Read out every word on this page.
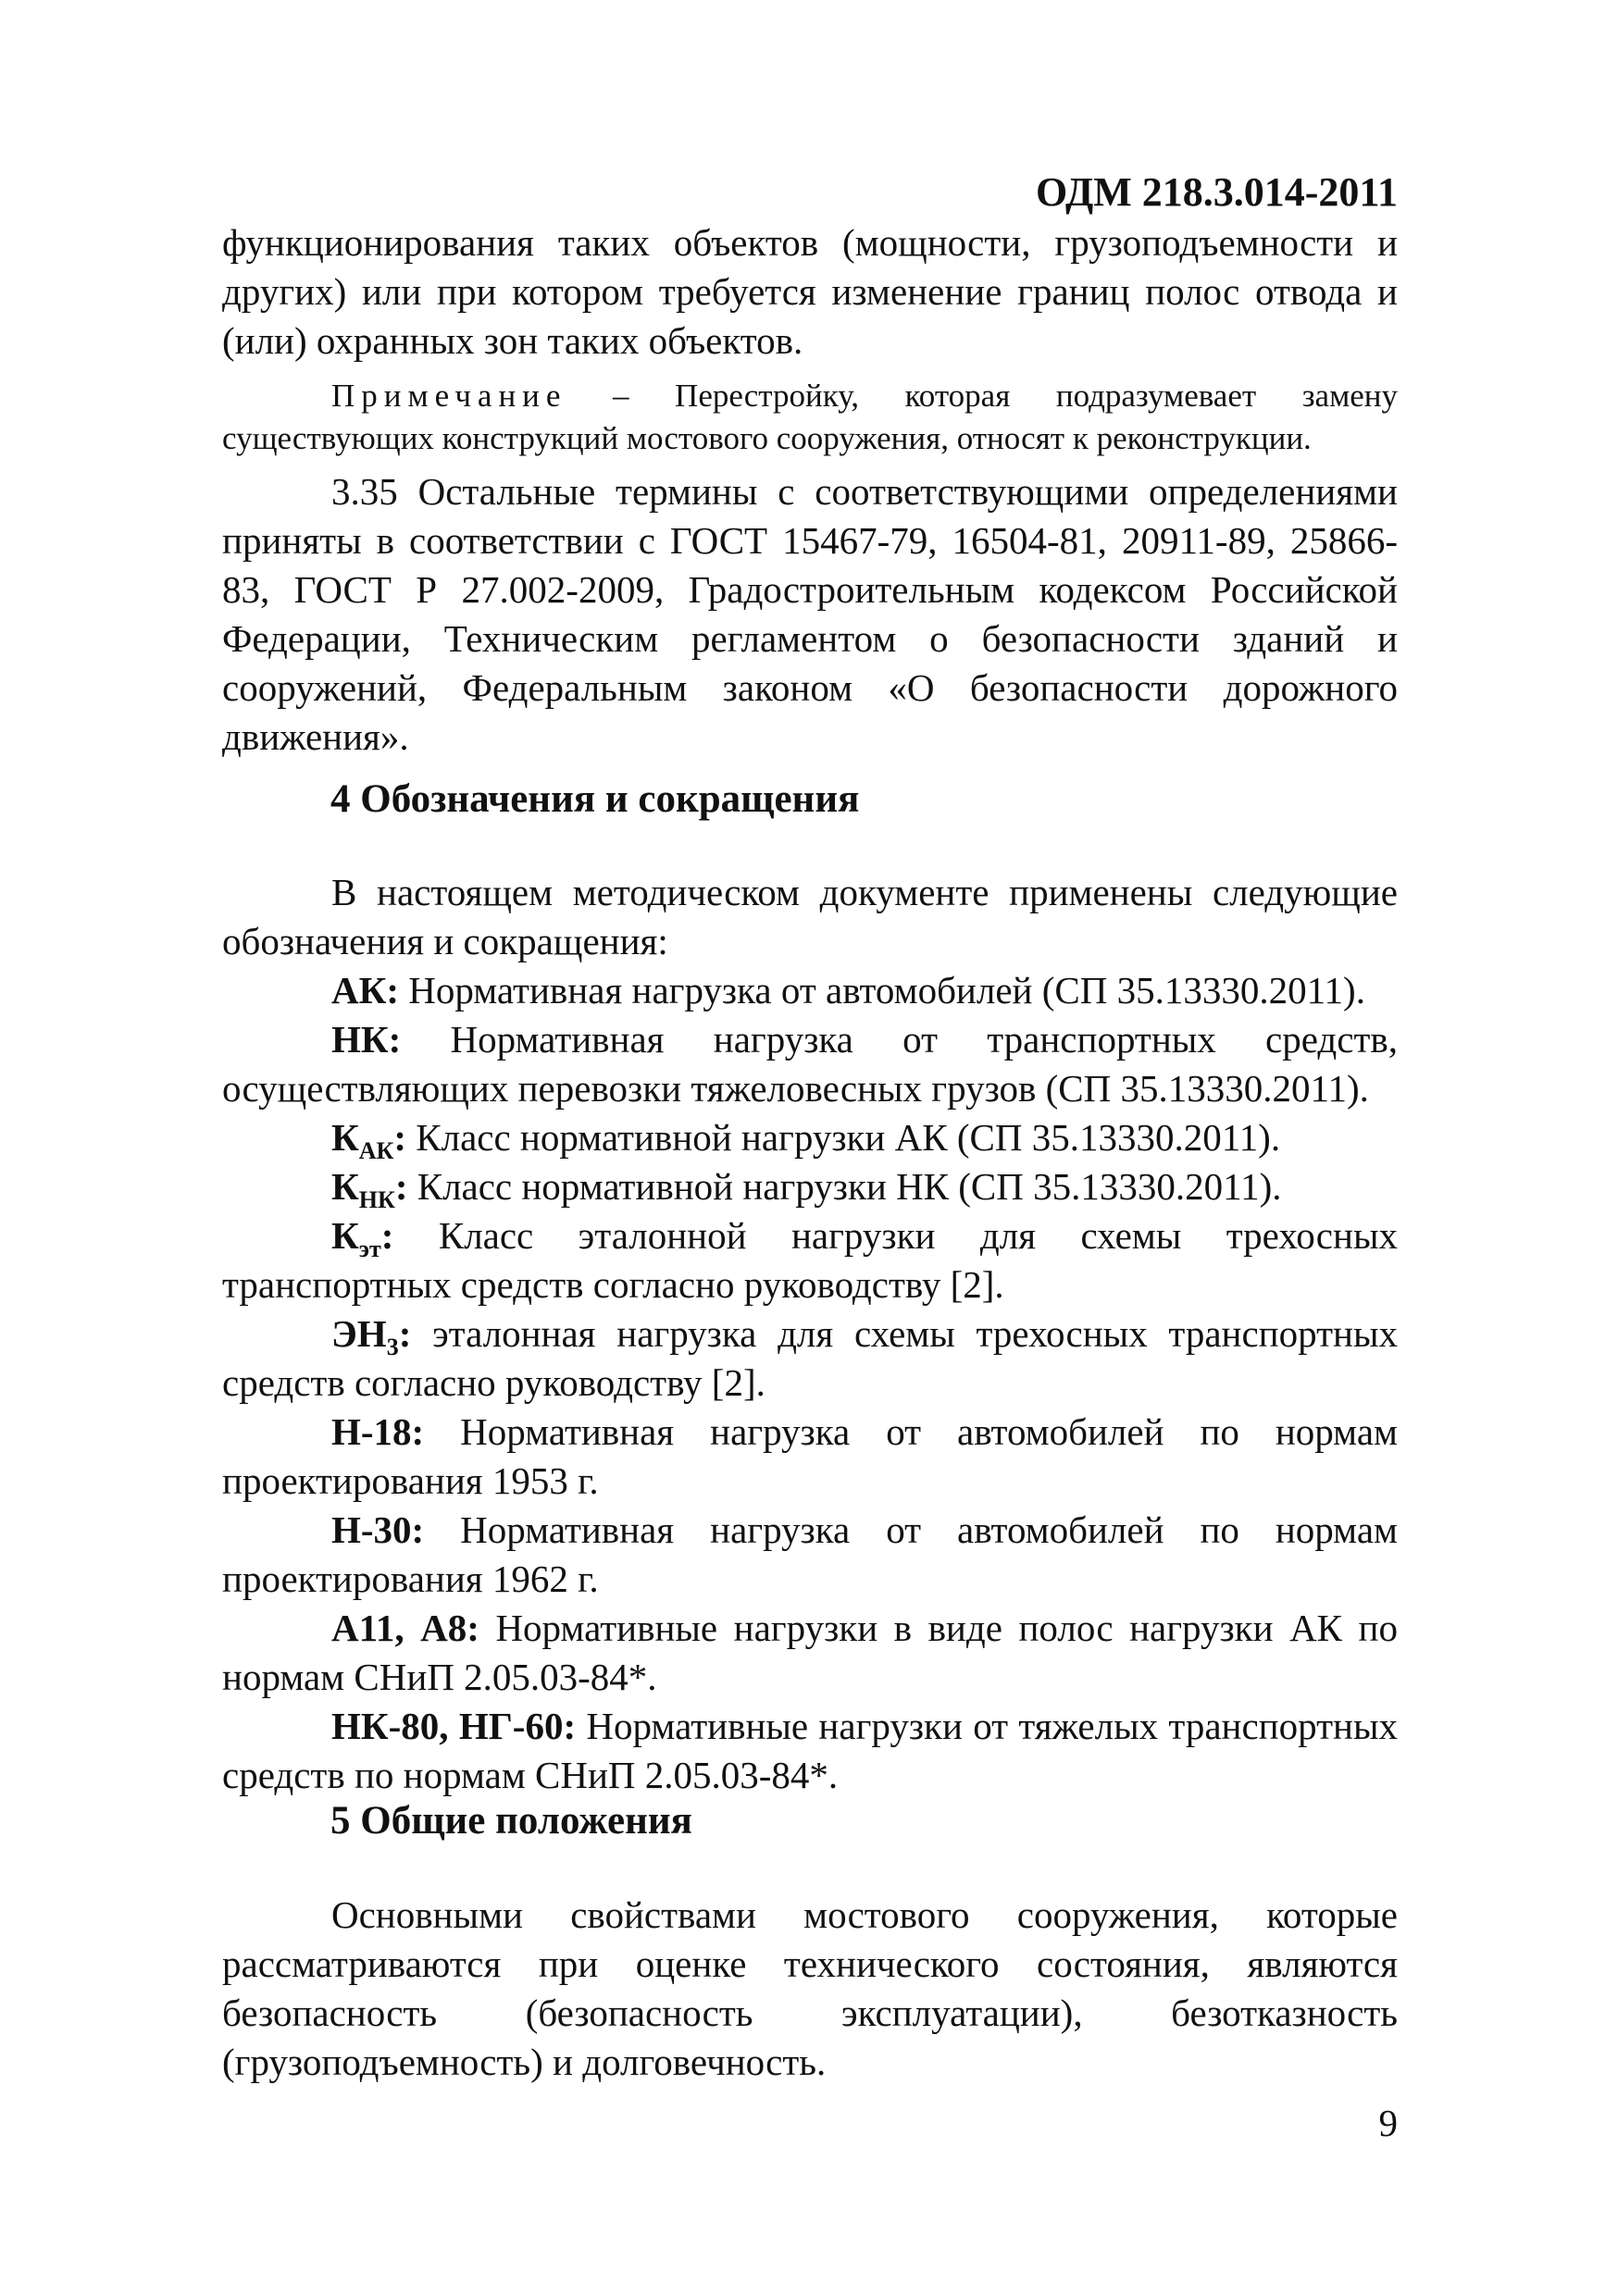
ОДМ 218.3.014-2011

функционирования таких объектов (мощности, грузоподъемности и других) или при котором требуется изменение границ полос отвода и (или) охранных зон таких объектов.

Примечание – Перестройку, которая подразумевает замену существующих конструкций мостового сооружения, относят к реконструкции.

3.35 Остальные термины с соответствующими определениями приняты в соответствии с ГОСТ 15467-79, 16504-81, 20911-89, 25866-83, ГОСТ Р 27.002-2009, Градостроительным кодексом Российской Федерации, Техническим регламентом о безопасности зданий и сооружений, Федеральным законом «О безопасности дорожного движения».

4 Обозначения и сокращения

В настоящем методическом документе применены следующие обозначения и сокращения:

АК: Нормативная нагрузка от автомобилей (СП 35.13330.2011).

НК: Нормативная нагрузка от транспортных средств, осуществляющих перевозки тяжеловесных грузов (СП 35.13330.2011).

$К_{АК}$: Класс нормативной нагрузки АК (СП 35.13330.2011).

$К_{НК}$: Класс нормативной нагрузки НК (СП 35.13330.2011).

$К_{эт}$: Класс эталонной нагрузки для схемы трехосных транспортных средств согласно руководству [2].

$ЭН_3$: эталонная нагрузка для схемы трехосных транспортных средств согласно руководству [2].

Н-18: Нормативная нагрузка от автомобилей по нормам проектирования 1953 г.

Н-30: Нормативная нагрузка от автомобилей по нормам проектирования 1962 г.

А11, А8: Нормативные нагрузки в виде полос нагрузки АК по нормам СНиП 2.05.03-84*.

НК-80, НГ-60: Нормативные нагрузки от тяжелых транспортных средств по нормам СНиП 2.05.03-84*.

5 Общие положения

Основными свойствами мостового сооружения, которые рассматриваются при оценке технического состояния, являются безопасность (безопасность эксплуатации), безотказность (грузоподъемность) и долговечность.

9
